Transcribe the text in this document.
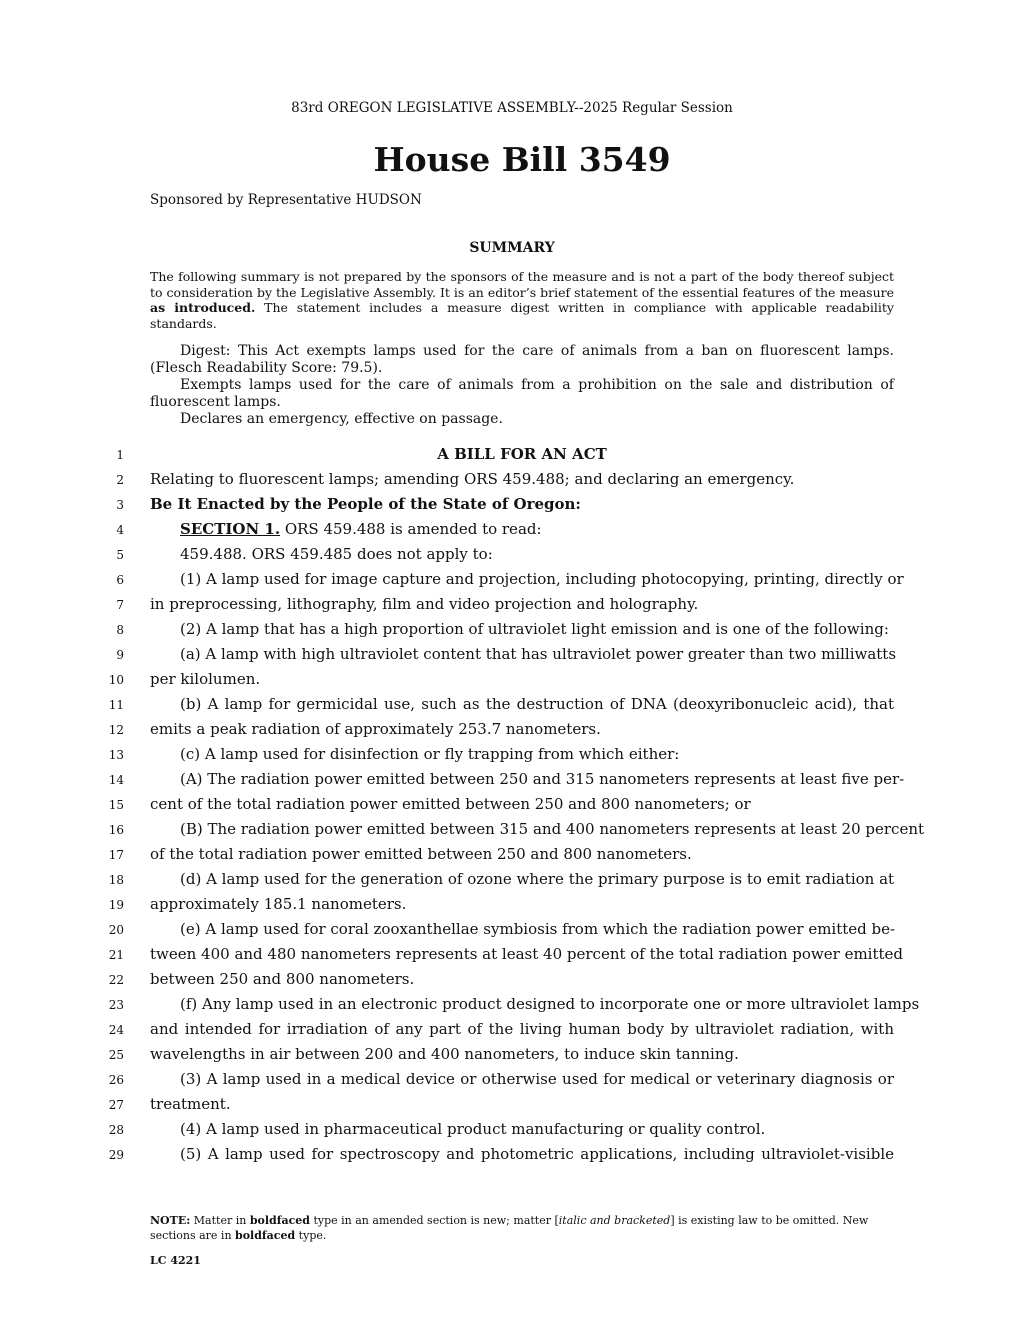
83rd OREGON LEGISLATIVE ASSEMBLY--2025 Regular Session
House Bill 3549
Sponsored by Representative HUDSON
SUMMARY
The following summary is not prepared by the sponsors of the measure and is not a part of the body thereof subject to consideration by the Legislative Assembly. It is an editor’s brief statement of the essential features of the measure as introduced. The statement includes a measure digest written in compliance with applicable readability standards.

Digest: This Act exempts lamps used for the care of animals from a ban on fluorescent lamps. (Flesch Readability Score: 79.5).

Exempts lamps used for the care of animals from a prohibition on the sale and distribution of fluorescent lamps.

Declares an emergency, effective on passage.

1
2
3
4
5
6
7
8
9
10
11
12
13
14
15
16
17
18
19
20
21
22
23
24
25
26
27
28
29
A BILL FOR AN ACT
Relating to fluorescent lamps; amending ORS 459.488; and declaring an emergency.
Be It Enacted by the People of the State of Oregon:
SECTION 1. ORS 459.488 is amended to read:
459.488. ORS 459.485 does not apply to:
(1) A lamp used for image capture and projection, including photocopying, printing, directly or
in preprocessing, lithography, film and video projection and holography.
(2) A lamp that has a high proportion of ultraviolet light emission and is one of the following:
(a) A lamp with high ultraviolet content that has ultraviolet power greater than two milliwatts
per kilolumen.
(b) A lamp for germicidal use, such as the destruction of DNA (deoxyribonucleic acid), that
emits a peak radiation of approximately 253.7 nanometers.
(c) A lamp used for disinfection or fly trapping from which either:
(A) The radiation power emitted between 250 and 315 nanometers represents at least five per-
cent of the total radiation power emitted between 250 and 800 nanometers; or
(B) The radiation power emitted between 315 and 400 nanometers represents at least 20 percent
of the total radiation power emitted between 250 and 800 nanometers.
(d) A lamp used for the generation of ozone where the primary purpose is to emit radiation at
approximately 185.1 nanometers.
(e) A lamp used for coral zooxanthellae symbiosis from which the radiation power emitted be-
tween 400 and 480 nanometers represents at least 40 percent of the total radiation power emitted
between 250 and 800 nanometers.
(f) Any lamp used in an electronic product designed to incorporate one or more ultraviolet lamps
and intended for irradiation of any part of the living human body by ultraviolet radiation, with
wavelengths in air between 200 and 400 nanometers, to induce skin tanning.
(3) A lamp used in a medical device or otherwise used for medical or veterinary diagnosis or
treatment.
(4) A lamp used in pharmaceutical product manufacturing or quality control.
(5) A lamp used for spectroscopy and photometric applications, including ultraviolet-visible
NOTE: Matter in boldfaced type in an amended section is new; matter [italic and bracketed] is existing law to be omitted. New sections are in boldfaced type.
LC 4221
